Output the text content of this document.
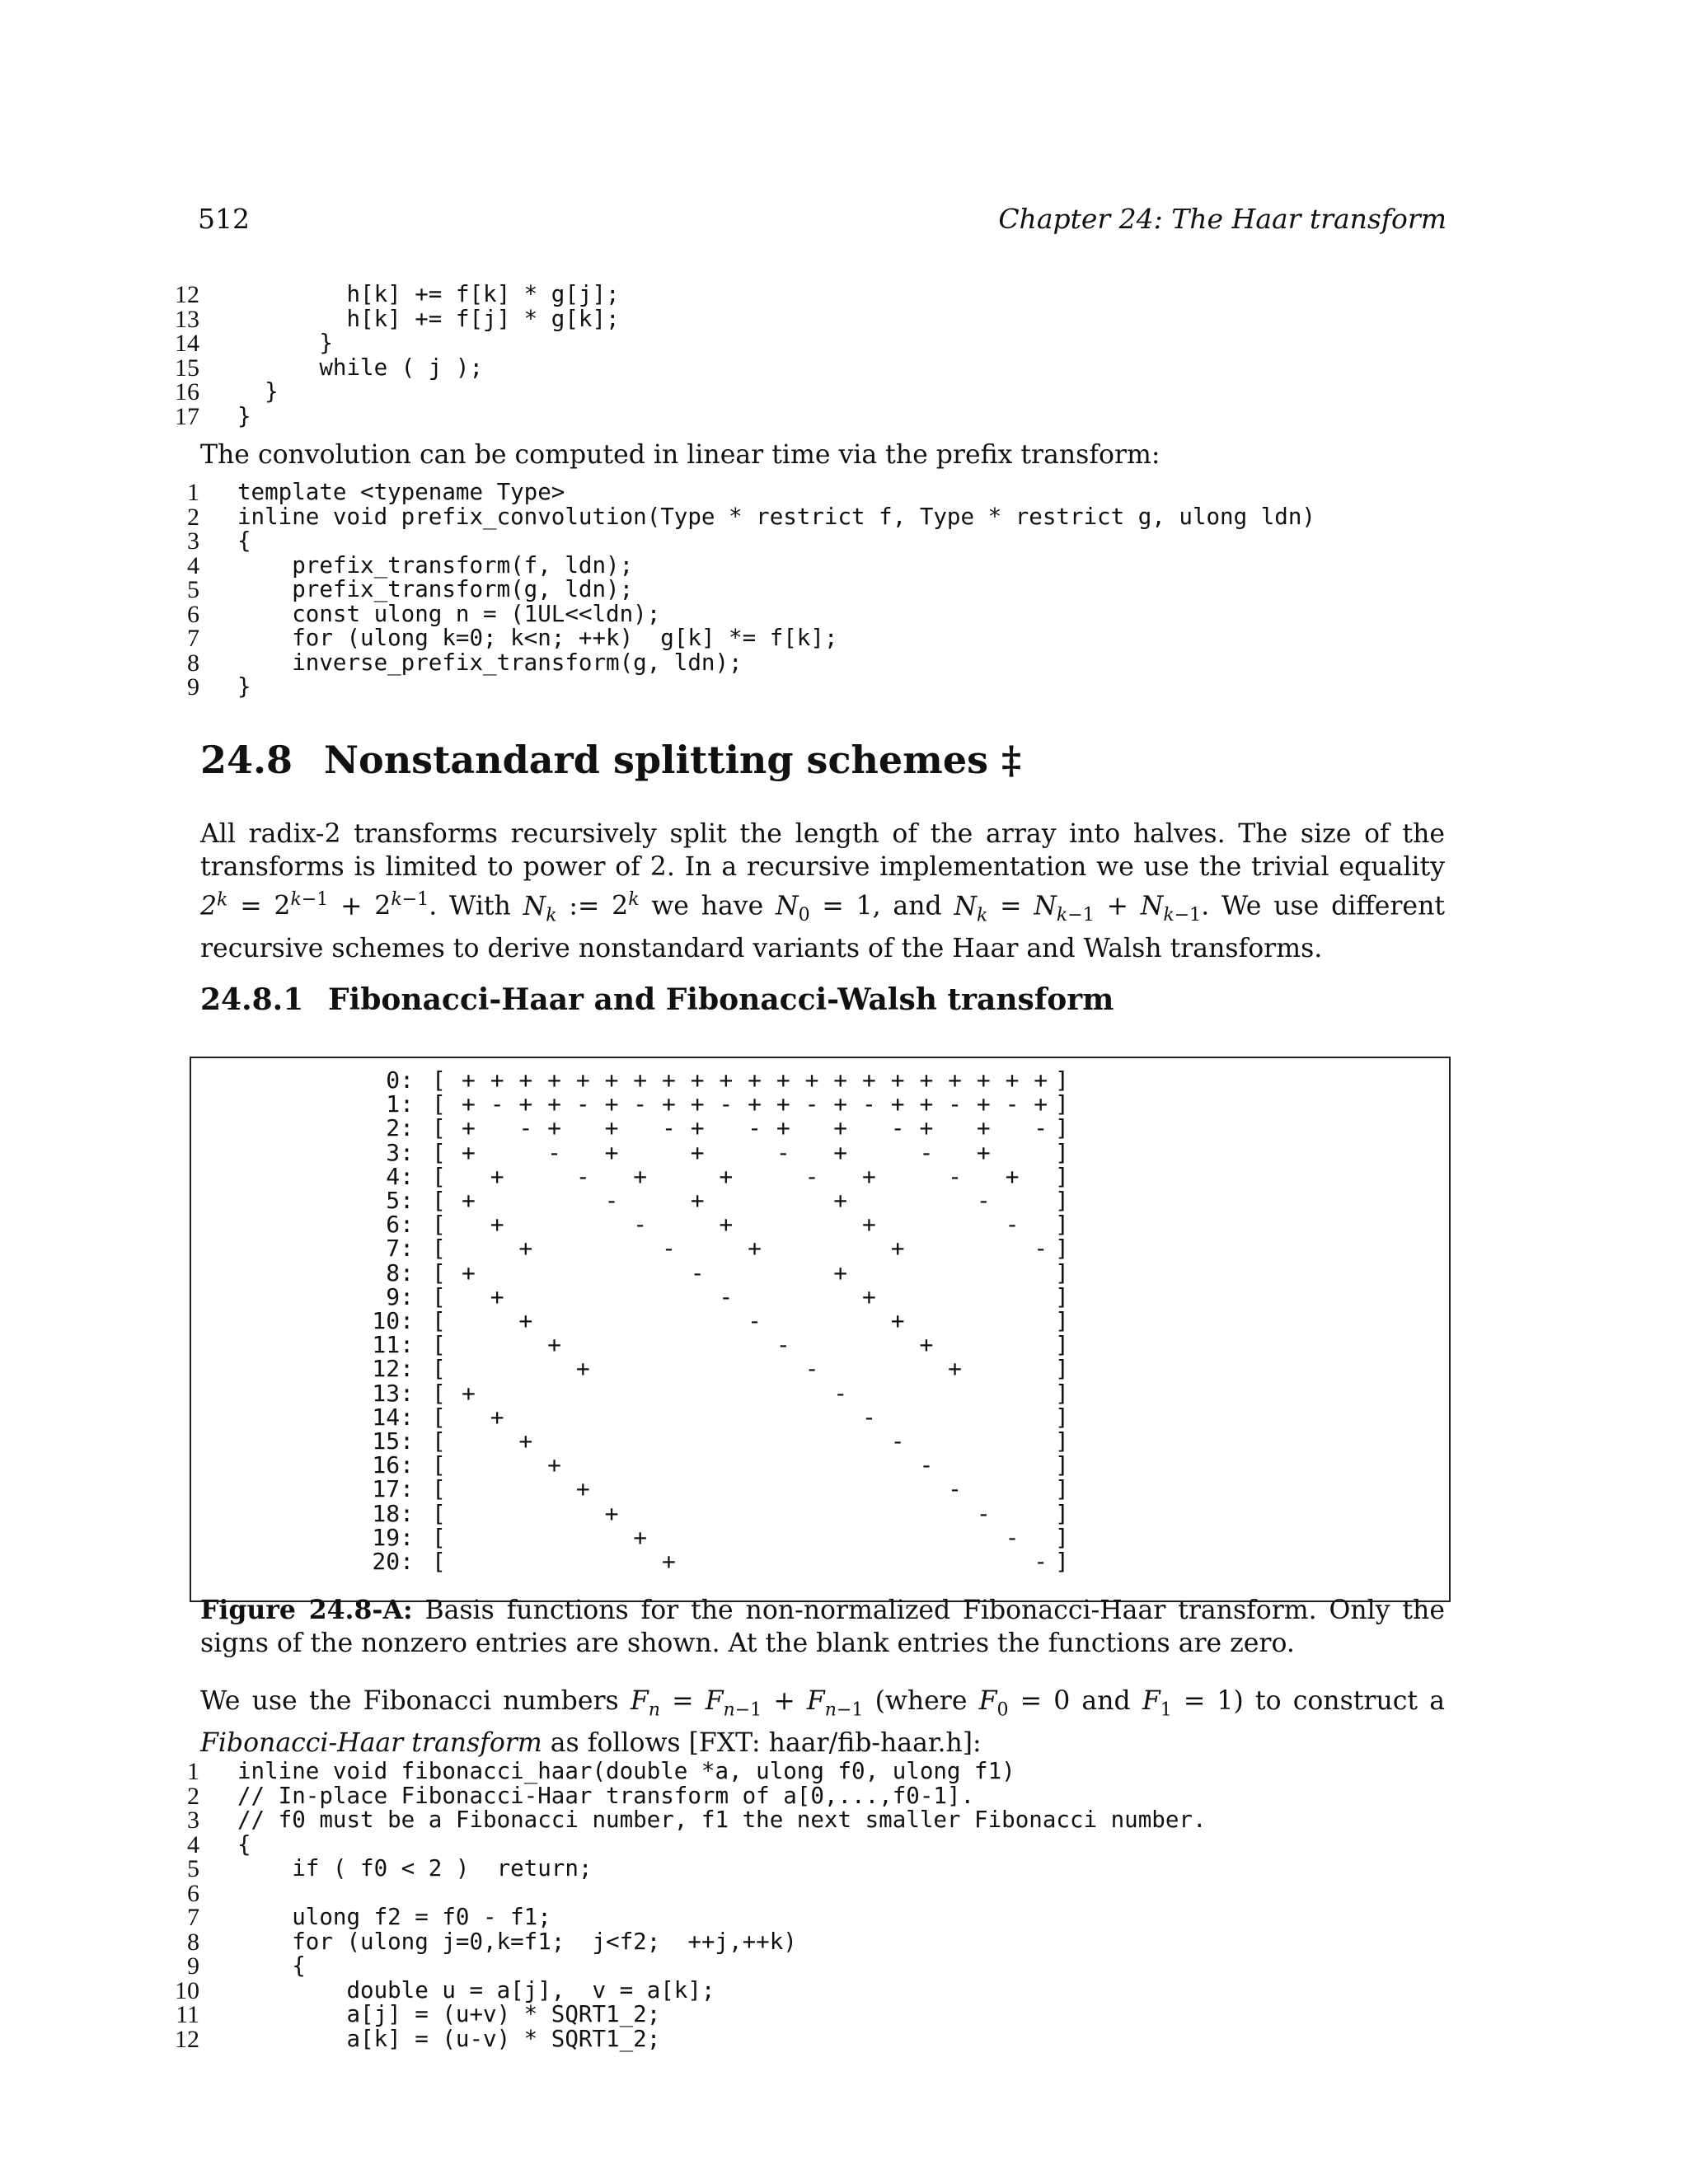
512	Chapter 24: The Haar transform
12 h[k] += f[k] * g[j];
13 h[k] += f[j] * g[k];
14 }
15 while ( j );
16 }
17 }

The convolution can be computed in linear time via the prefix transform:

1 template <typename Type>
2 inline void prefix_convolution(Type * restrict f, Type * restrict g, ulong ldn)
3 {
4 prefix_transform(f, ldn);
5 prefix_transform(g, ldn);
6 const ulong n = (1UL<<ldn);
7 for (ulong k=0; k<n; ++k)  g[k] *= f[k];
8 inverse_prefix_transform(g, ldn);
9 }
24.8 Nonstandard splitting schemes ‡

All radix-2 transforms recursively split the length of the array into halves. The size of the transforms is limited to power of 2. In a recursive implementation we use the trivial equality $2^k = 2^{k-1} + 2^{k-1}$. With $N_k$ := $2^k$ we have $N_0 = 1$, and $N_k = N_{k-1} + N_{k-1}$. We use different recursive schemes to derive nonstandard variants of the Haar and Walsh transforms.

24.8.1 Fibonacci-Haar and Fibonacci-Walsh transform
0: [ + + + + + + + + + + + + + + + + + + + + + ]
1: [ + - + + - + - + + - + + - + - + + - + - + ]
2: [ +   - +   +   - +   - +   +   - +   +   - ]
3: [ +     -   +     +     -   +     -   + ]
4: [ +     -   +     +     -   +     -   + ]
5: [ +         -     +         +         - ]
6: [ +         -     +         +         - ]
7: [ +         -     +         +         - ]
8: [ +               -         + ]
9: [ +               -         + ]
10: [ +               -         + ]
11: [ +               -         + ]
12: [ +               -         + ]
13: [ +                         - ]
14: [ +                         - ]
15: [ +                         - ]
16: [ +                         - ]
17: [ +                         - ]
18: [ +                         - ]
19: [ +                         - ]
20: [ +                         - ]

Figure 24.8-A: Basis functions for the non-normalized Fibonacci-Haar transform. Only the signs of the nonzero entries are shown. At the blank entries the functions are zero.

We use the Fibonacci numbers $F_n = F_{n-1} + F_{n-1}$ (where $F_0 = 0$ and $F_1 = 1$) to construct a Fibonacci-Haar transform as follows [FXT: haar/fib-haar.h]:

1 inline void fibonacci_haar(double *a, ulong f0, ulong f1)
2 // In-place Fibonacci-Haar transform of a[0,...,f0-1].
3 // f0 must be a Fibonacci number, f1 the next smaller Fibonacci number.
4 {
5 if ( f0 < 2 )  return;
6
7 ulong f2 = f0 - f1;
8 for (ulong j=0,k=f1;  j<f2;  ++j,++k)
9 {
10 double u = a[j],  v = a[k];
11 a[j] = (u+v) * SQRT1_2;
12 a[k] = (u-v) * SQRT1_2;
